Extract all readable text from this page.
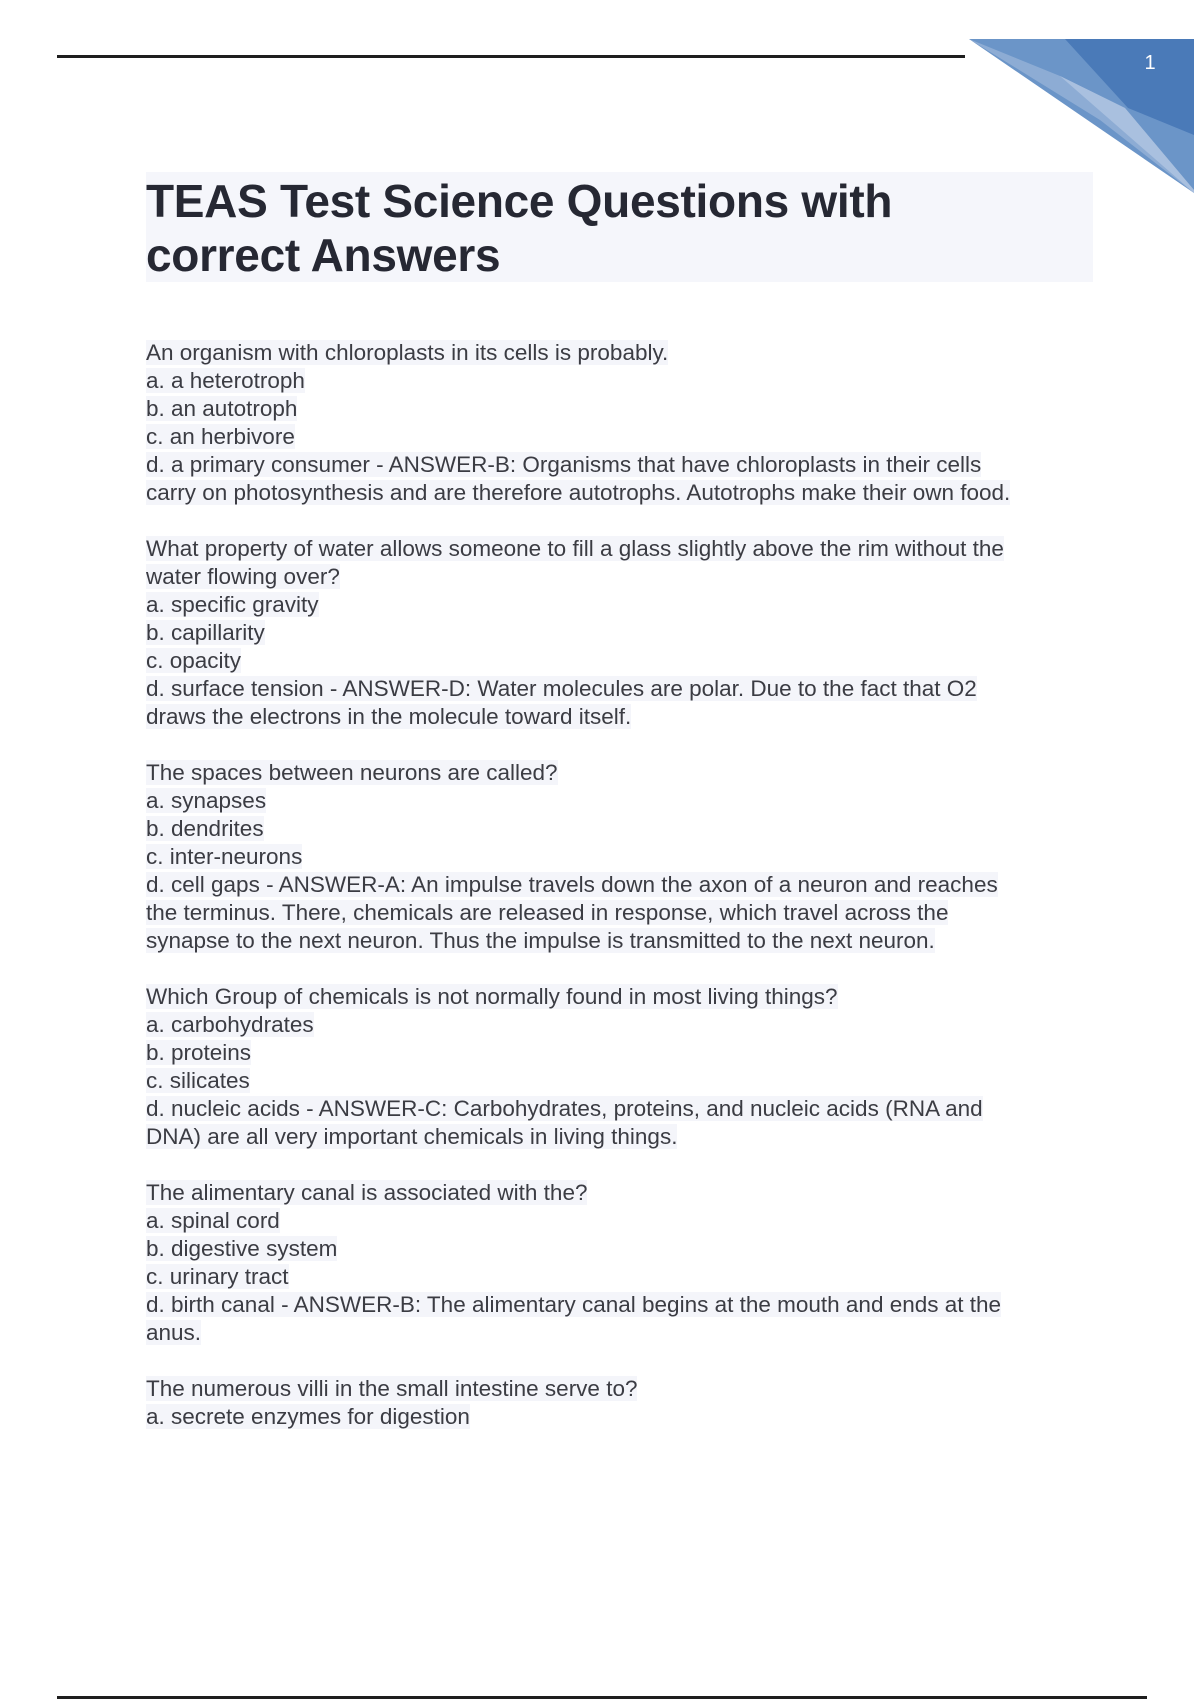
1
TEAS Test Science Questions with
correct Answers
An organism with chloroplasts in its cells is probably.
a. a heterotroph
b. an autotroph
c. an herbivore
d. a primary consumer - ANSWER-B: Organisms that have chloroplasts in their cells
carry on photosynthesis and are therefore autotrophs. Autotrophs make their own food.
What property of water allows someone to fill a glass slightly above the rim without the
water flowing over?
a. specific gravity
b. capillarity
c. opacity
d. surface tension - ANSWER-D: Water molecules are polar. Due to the fact that O2
draws the electrons in the molecule toward itself.
The spaces between neurons are called?
a. synapses
b. dendrites
c. inter-neurons
d. cell gaps - ANSWER-A: An impulse travels down the axon of a neuron and reaches
the terminus. There, chemicals are released in response, which travel across the
synapse to the next neuron. Thus the impulse is transmitted to the next neuron.
Which Group of chemicals is not normally found in most living things?
a. carbohydrates
b. proteins
c. silicates
d. nucleic acids - ANSWER-C: Carbohydrates, proteins, and nucleic acids (RNA and
DNA) are all very important chemicals in living things.
The alimentary canal is associated with the?
a. spinal cord
b. digestive system
c. urinary tract
d. birth canal - ANSWER-B: The alimentary canal begins at the mouth and ends at the
anus.
The numerous villi in the small intestine serve to?
a. secrete enzymes for digestion
